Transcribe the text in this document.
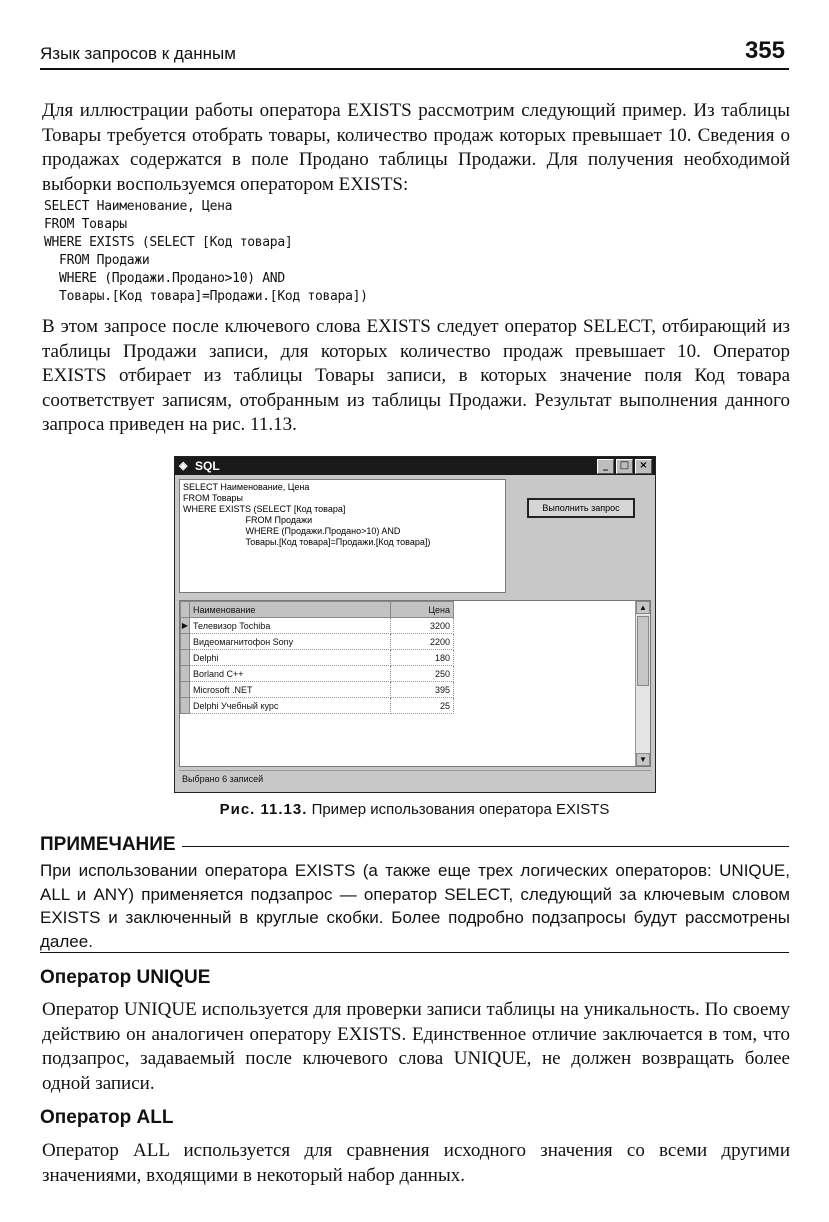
Язык запросов к данным	355
Для иллюстрации работы оператора EXISTS рассмотрим следующий пример. Из таблицы Товары требуется отобрать товары, количество продаж которых превышает 10. Сведения о продажах содержатся в поле Продано таблицы Продажи. Для получения необходимой выборки воспользуемся оператором EXISTS:
SELECT Наименование, Цена
FROM Товары
WHERE EXISTS (SELECT [Код товара]
FROM Продажи
WHERE (Продажи.Продано>10) AND
Товары.[Код товара]=Продажи.[Код товара])
В этом запросе после ключевого слова EXISTS следует оператор SELECT, отбирающий из таблицы Продажи записи, для которых количество продаж превышает 10. Оператор EXISTS отбирает из таблицы Товары записи, в которых значение поля Код товара соответствует записям, отобранным из таблицы Продажи. Результат выполнения данного запроса приведен на рис. 11.13.
◈ SQL	_	□	×
SELECT Наименование, Цена
FROM Товары
WHERE EXISTS (SELECT [Код товара]
FROM Продажи
WHERE (Продажи.Продано>10) AND
Товары.[Код товара]=Продажи.[Код товара])
Выполнить запрос
	Наименование	Цена
▶	Телевизор Tochiba	3200
	Видеомагнитофон Sony	2200
	Delphi	180
	Borland C++	250
	Microsoft .NET	395
	Delphi Учебный курс	25
▲
▼
Выбрано 6 записей
Рис. 11.13. Пример использования оператора EXISTS
ПРИМЕЧАНИЕ
При использовании оператора EXISTS (а также еще трех логических операторов: UNIQUE, ALL и ANY) применяется подзапрос — оператор SELECT, следующий за ключевым словом EXISTS и заключенный в круглые скобки. Более подробно подзапросы будут рассмотрены далее.
Оператор UNIQUE
Оператор UNIQUE используется для проверки записи таблицы на уникальность. По своему действию он аналогичен оператору EXISTS. Единственное отличие заключается в том, что подзапрос, задаваемый после ключевого слова UNIQUE, не должен возвращать более одной записи.
Оператор ALL
Оператор ALL используется для сравнения исходного значения со всеми другими значениями, входящими в некоторый набор данных.
